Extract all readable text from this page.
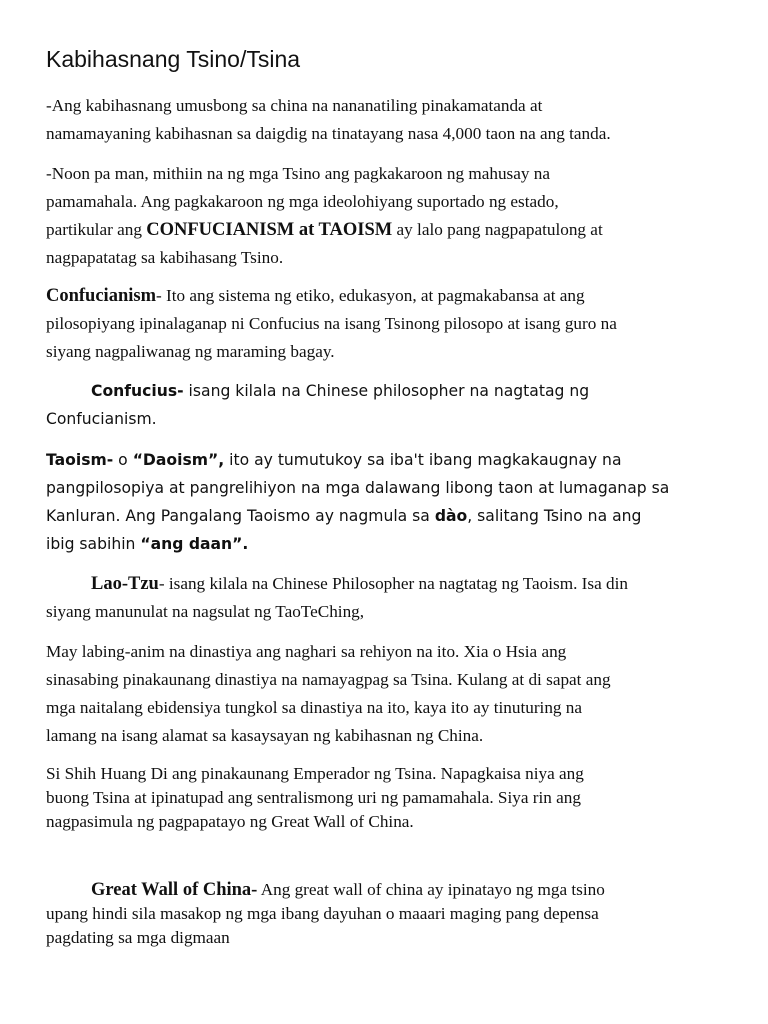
Kabihasnang Tsino/Tsina
-Ang kabihasnang umusbong sa china na nananatiling pinakamatanda at
namamayaning kabihasnan sa daigdig na tinatayang nasa 4,000 taon na ang tanda.
-Noon pa man, mithiin na ng mga Tsino ang pagkakaroon ng mahusay na
pamamahala. Ang pagkakaroon ng mga ideolohiyang suportado ng estado,
partikular ang CONFUCIANISM at TAOISM ay lalo pang nagpapatulong at
nagpapatatag sa kabihasang Tsino.
Confucianism- Ito ang sistema ng etiko, edukasyon, at pagmakabansa at ang
pilosopiyang ipinalaganap ni Confucius na isang Tsinong pilosopo at isang guro na
siyang nagpaliwanag ng maraming bagay.
Confucius- isang kilala na Chinese philosopher na nagtatag ng
Confucianism.
Taoism- o “Daoism”, ito ay tumutukoy sa iba't ibang magkakaugnay na
pangpilosopiya at pangrelihiyon na mga dalawang libong taon at lumaganap sa
Kanluran. Ang Pangalang Taoismo ay nagmula sa dào, salitang Tsino na ang
ibig sabihin “ang daan”.
Lao-Tzu- isang kilala na Chinese Philosopher na nagtatag ng Taoism. Isa din
siyang manunulat na nagsulat ng TaoTeChing,
May labing-anim na dinastiya ang naghari sa rehiyon na ito. Xia o Hsia ang
sinasabing pinakaunang dinastiya na namayagpag sa Tsina. Kulang at di sapat ang
mga naitalang ebidensiya tungkol sa dinastiya na ito, kaya ito ay tinuturing na
lamang na isang alamat sa kasaysayan ng kabihasnan ng China.
Si Shih Huang Di ang pinakaunang Emperador ng Tsina. Napagkaisa niya ang
buong Tsina at ipinatupad ang sentralismong uri ng pamamahala. Siya rin ang
nagpasimula ng pagpapatayo ng Great Wall of China.
Great Wall of China- Ang great wall of china ay ipinatayo ng mga tsino
upang hindi sila masakop ng mga ibang dayuhan o maaari maging pang depensa
pagdating sa mga digmaan
